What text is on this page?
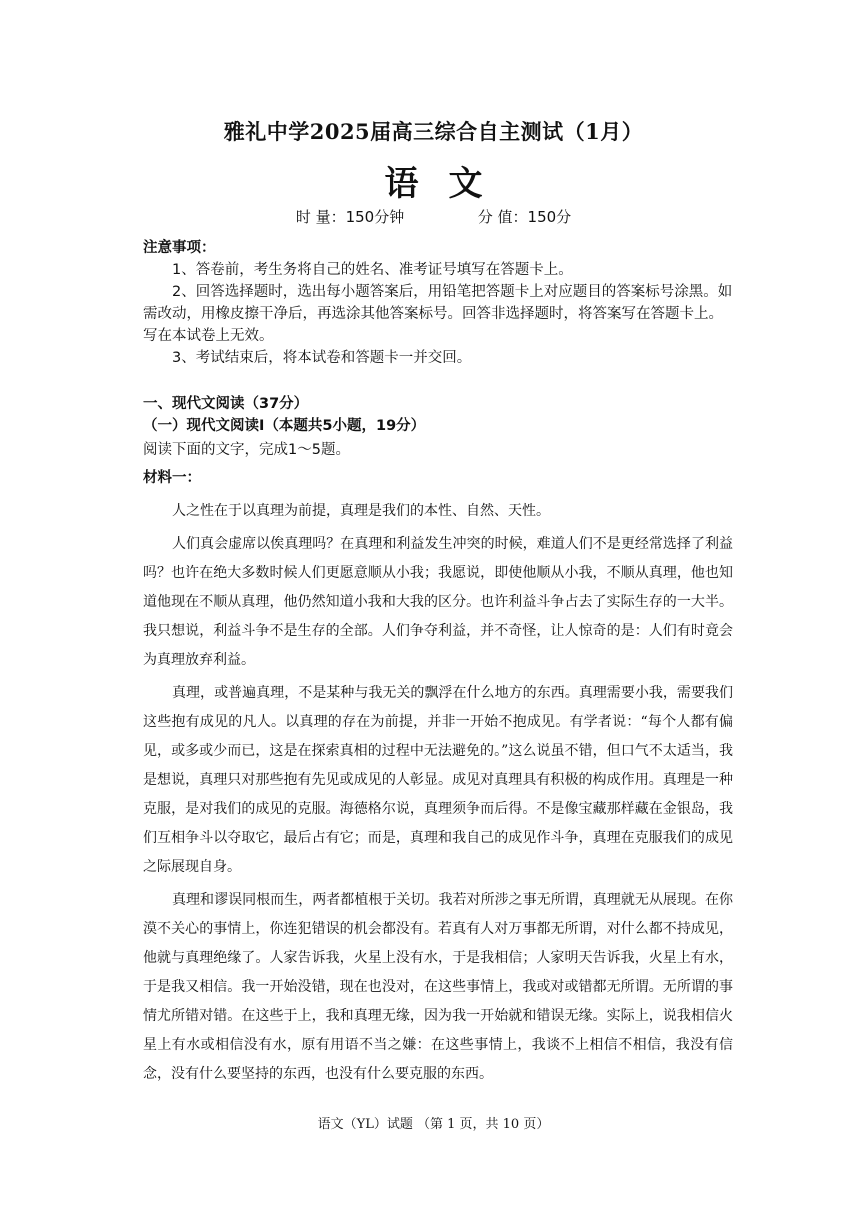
雅礼中学2025届高三综合自主测试（1月）
语文
时 量：150分钟	分 值：150分
注意事项：

1、答卷前，考生务将自己的姓名、准考证号填写在答题卡上。

2、回答选择题时，选出每小题答案后，用铅笔把答题卡上对应题目的答案标号涂黑。如需改动，用橡皮擦干净后，再选涂其他答案标号。回答非选择题时，将答案写在答题卡上。写在本试卷上无效。

3、考试结束后，将本试卷和答题卡一并交回。

一、现代文阅读（37分）
（一）现代文阅读Ⅰ（本题共5小题，19分）
阅读下面的文字，完成1～5题。
材料一：

人之性在于以真理为前提，真理是我们的本性、自然、天性。

人们真会虚席以俟真理吗？在真理和利益发生冲突的时候，难道人们不是更经常选择了利益吗？也许在绝大多数时候人们更愿意顺从小我；我愿说，即使他顺从小我，不顺从真理，他也知道他现在不顺从真理，他仍然知道小我和大我的区分。也许利益斗争占去了实际生存的一大半。我只想说，利益斗争不是生存的全部。人们争夺利益，并不奇怪，让人惊奇的是：人们有时竟会为真理放弃利益。

真理，或普遍真理，不是某种与我无关的飘浮在什么地方的东西。真理需要小我，需要我们这些抱有成见的凡人。以真理的存在为前提，并非一开始不抱成见。有学者说：“每个人都有偏见，或多或少而已，这是在探索真相的过程中无法避免的。”这么说虽不错，但口气不太适当，我是想说，真理只对那些抱有先见或成见的人彰显。成见对真理具有积极的构成作用。真理是一种克服，是对我们的成见的克服。海德格尔说，真理须争而后得。不是像宝藏那样藏在金银岛，我们互相争斗以夺取它，最后占有它；而是，真理和我自己的成见作斗争，真理在克服我们的成见之际展现自身。

真理和谬误同根而生，两者都植根于关切。我若对所涉之事无所谓，真理就无从展现。在你漠不关心的事情上，你连犯错误的机会都没有。若真有人对万事都无所谓，对什么都不持成见，他就与真理绝缘了。人家告诉我，火星上没有水，于是我相信；人家明天告诉我，火星上有水，于是我又相信。我一开始没错，现在也没对，在这些事情上，我或对或错都无所谓。无所谓的事情尤所错对错。在这些于上，我和真理无缘，因为我一开始就和错误无缘。实际上，说我相信火星上有水或相信没有水，原有用语不当之嫌：在这些事情上，我谈不上相信不相信，我没有信念，没有什么要坚持的东西，也没有什么要克服的东西。

语文（YL）试题 （第 1 页，共 10 页）
